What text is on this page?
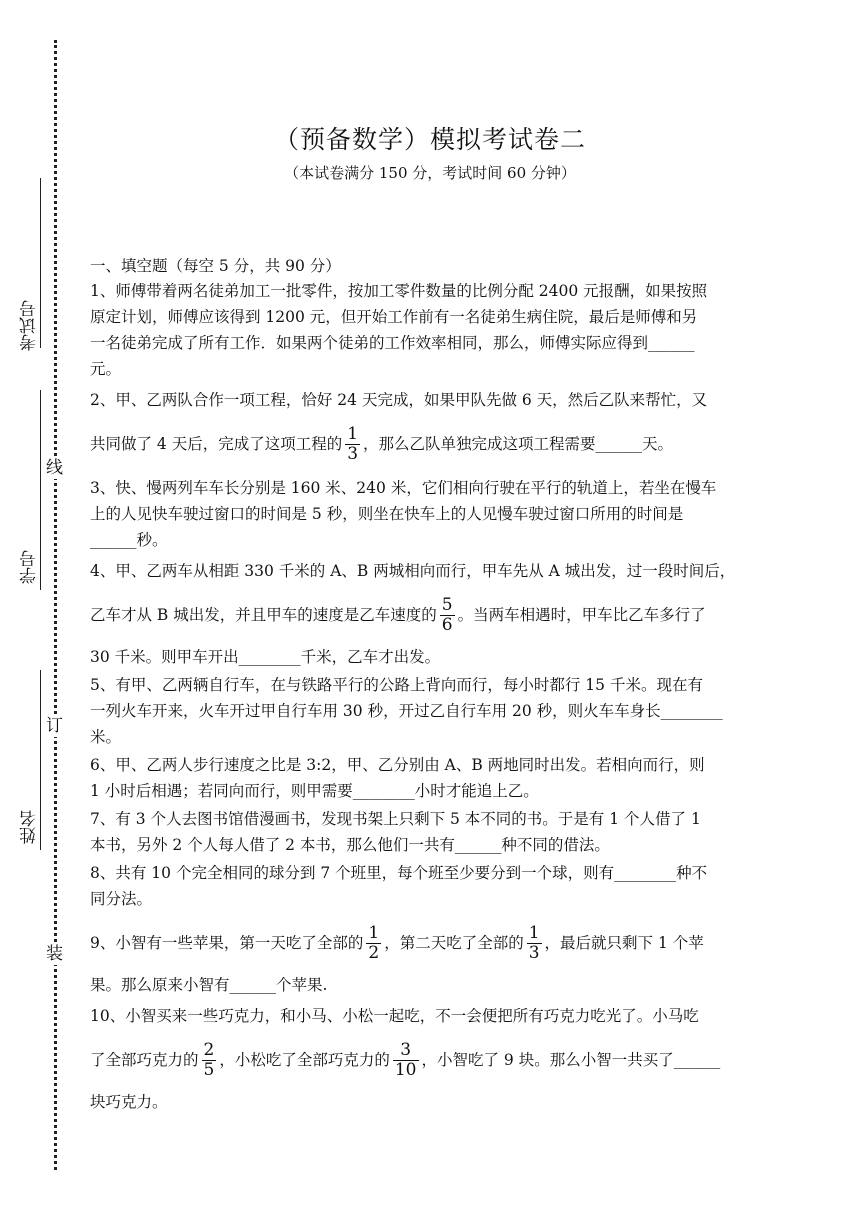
考试号
学号
姓名
线
订
装
（预备数学）模拟考试卷二
（本试卷满分 150 分，考试时间 60 分钟）
一、填空题（每空 5 分，共 90 分）
1、师傅带着两名徒弟加工一批零件，按加工零件数量的比例分配 2400 元报酬，如果按照
原定计划，师傅应该得到 1200 元，但开始工作前有一名徒弟生病住院，最后是师傅和另
一名徒弟完成了所有工作．如果两个徒弟的工作效率相同，那么，师傅实际应得到______
元。
2、甲、乙两队合作一项工程，恰好 24 天完成，如果甲队先做 6 天，然后乙队来帮忙，又
共同做了 4 天后，完成了这项工程的 $\frac{1}{3}$ ，那么乙队单独完成这项工程需要______天。
3、快、慢两列车车长分别是 160 米、240 米，它们相向行驶在平行的轨道上，若坐在慢车
上的人见快车驶过窗口的时间是 5 秒，则坐在快车上的人见慢车驶过窗口所用的时间是
______秒。
4、甲、乙两车从相距 330 千米的 A、B 两城相向而行，甲车先从 A 城出发，过一段时间后，
乙车才从 B 城出发，并且甲车的速度是乙车速度的 $\frac{5}{6}$ 。当两车相遇时，甲车比乙车多行了
30 千米。则甲车开出________千米，乙车才出发。
5、有甲、乙两辆自行车，在与铁路平行的公路上背向而行，每小时都行 15 千米。现在有
一列火车开来，火车开过甲自行车用 30 秒，开过乙自行车用 20 秒，则火车车身长________
米。
6、甲、乙两人步行速度之比是 3:2，甲、乙分别由 A、B 两地同时出发。若相向而行，则
1 小时后相遇；若同向而行，则甲需要________小时才能追上乙。
7、有 3 个人去图书馆借漫画书，发现书架上只剩下 5 本不同的书。于是有 1 个人借了 1
本书，另外 2 个人每人借了 2 本书，那么他们一共有______种不同的借法。
8、共有 10 个完全相同的球分到 7 个班里，每个班至少要分到一个球，则有________种不
同分法。
9、小智有一些苹果，第一天吃了全部的 $\frac{1}{2}$ ，第二天吃了全部的 $\frac{1}{3}$ ，最后就只剩下 1 个苹
果。那么原来小智有______个苹果.
10、小智买来一些巧克力，和小马、小松一起吃，不一会便把所有巧克力吃光了。小马吃
了全部巧克力的 $\frac{2}{5}$ ，小松吃了全部巧克力的 $\frac{3}{10}$ ，小智吃了 9 块。那么小智一共买了______
块巧克力。
